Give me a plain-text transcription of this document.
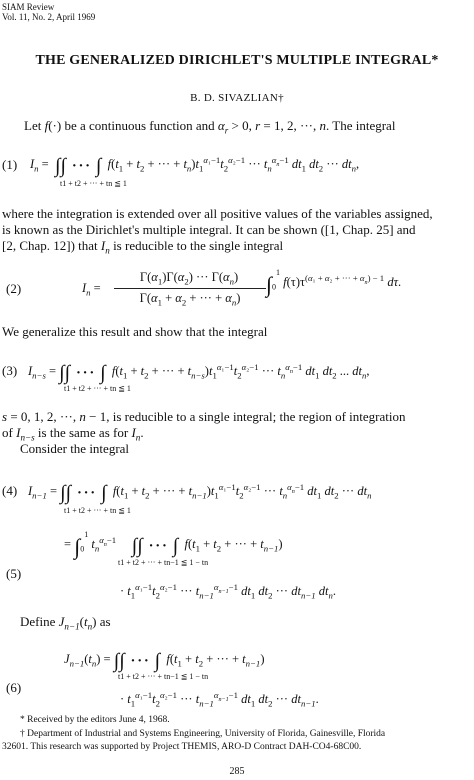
SIAM Review
Vol. 11, No. 2, April 1969
THE GENERALIZED DIRICHLET'S MULTIPLE INTEGRAL*
B. D. SIVAZLIAN†
Let f(·) be a continuous function and $\alpha_r > 0$, r = 1, 2, ···, n. The integral
(1) $I_n$ =  ∫∫ ··· ∫ $f(t_1 + t_2$ + ··· + $t_n)t_1^{\alpha_1-1}t_2^{\alpha_2-1}$ ··· $t_n^{\alpha_n-1}$ $dt_1$ $dt_2$ ··· $dt_n$,
t1 + t2 + ··· + tn ≦ 1
where the integration is extended over all positive values of the variables assigned,
is known as the Dirichlet's multiple integral. It can be shown ([1, Chap. 25] and
[2, Chap. 12]) that $I_n$ is reducible to the single integral
(2)	$I_n$ =
$\Gamma(\alpha_1)\Gamma(\alpha_2)$ ··· $\Gamma(\alpha_n)$
$\Gamma(\alpha_1 + \alpha_2$ + ··· + $\alpha_n$)
$\int_0^1$ $f(\tau)\tau^{(\alpha_1 + \alpha_2 + \cdot\cdot\cdot + \alpha_n) - 1}$ dτ.
We generalize this result and show that the integral
(3) $I_{n-s}$ = ∫∫ ··· ∫ $f(t_1 + t_2$ + ··· + $t_{n-s})t_1^{\alpha_1-1}t_2^{\alpha_2-1}$ ··· $t_n^{\alpha_n-1}$ $dt_1$ $dt_2$ ... $dt_n$,
t1 + t2 + ··· + tn ≦ 1
s = 0, 1, 2, ···, n − 1, is reducible to a single integral; the region of integration
of $I_{n-s}$ is the same as for $I_n$.
Consider the integral
(4) $I_{n-1}$ = ∫∫ ··· ∫ $f(t_1 + t_2$ + ··· + $t_{n-1})t_1^{\alpha_1-1}t_2^{\alpha_2-1}$ ··· $t_n^{\alpha_n-1}$ $dt_1$ $dt_2$ ··· $dt_n$
t1 + t2 + ··· + tn ≦ 1
= $\int_0^1$ $t_n^{\alpha_n-1}$ ∫∫ ··· ∫ $f(t_1 + t_2$ + ··· + $t_{n-1}$)
t1 + t2 + ··· + tn−1 ≦ 1 − tn
(5)
· $t_1^{\alpha_1-1}t_2^{\alpha_2-1}$ ··· $t_{n-1}^{\alpha_{n-1}-1}$ $dt_1$ $dt_2$ ··· $dt_{n-1}$ $dt_n$.
Define $J_{n-1}(t_n)$ as
$J_{n-1}(t_n)$ = ∫∫ ··· ∫ $f(t_1 + t_2$ + ··· + $t_{n-1}$)
t1 + t2 + ··· + tn−1 ≦ 1 − tn
(6)
· $t_1^{\alpha_1-1}t_2^{\alpha_2-1}$ ··· $t_{n-1}^{\alpha_{n-1}-1}$ $dt_1$ $dt_2$ ··· $dt_{n-1}$.
* Received by the editors June 4, 1968.
† Department of Industrial and Systems Engineering, University of Florida, Gainesville, Florida
32601. This research was supported by Project THEMIS, ARO-D Contract DAH-CO4-68C00.
285
